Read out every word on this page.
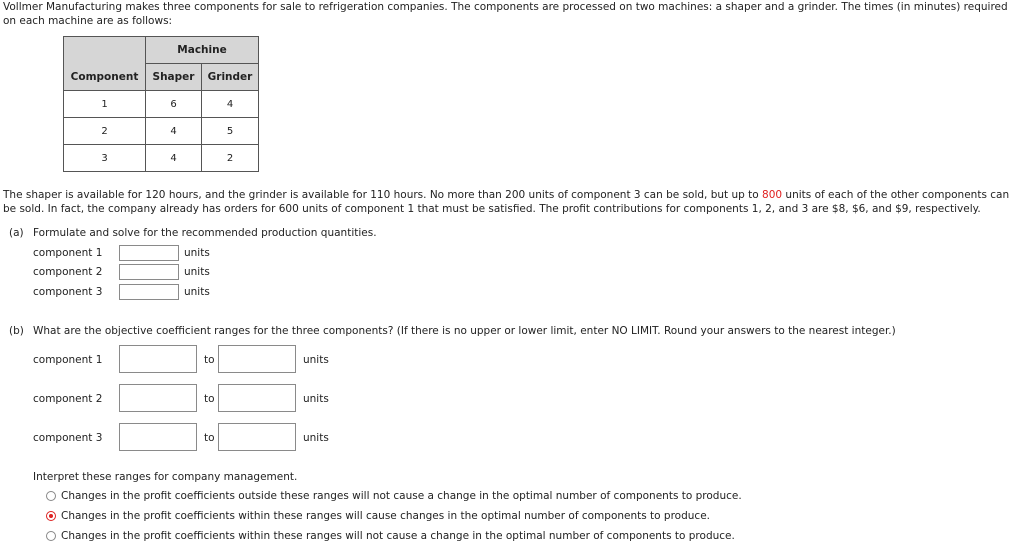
Vollmer Manufacturing makes three components for sale to refrigeration companies. The components are processed on two machines: a shaper and a grinder. The times (in minutes) required on each machine are as follows:

	Machine	
Component	Shaper	Grinder
1	6	4
2	4	5
3	4	2

The shaper is available for 120 hours, and the grinder is available for 110 hours. No more than 200 units of component 3 can be sold, but up to 800 units of each of the other components can be sold. In fact, the company already has orders for 600 units of component 1 that must be satisfied. The profit contributions for components 1, 2, and 3 are $8, $6, and $9, respectively.

(a) Formulate and solve for the recommended production quantities.
component 1	units
component 2	units
component 3	units
(b) What are the objective coefficient ranges for the three components? (If there is no upper or lower limit, enter NO LIMIT. Round your answers to the nearest integer.)
component 1	to	units
component 2	to	units
component 3	to	units
Interpret these ranges for company management.
Changes in the profit coefficients outside these ranges will not cause a change in the optimal number of components to produce.
Changes in the profit coefficients within these ranges will cause changes in the optimal number of components to produce.
Changes in the profit coefficients within these ranges will not cause a change in the optimal number of components to produce.
